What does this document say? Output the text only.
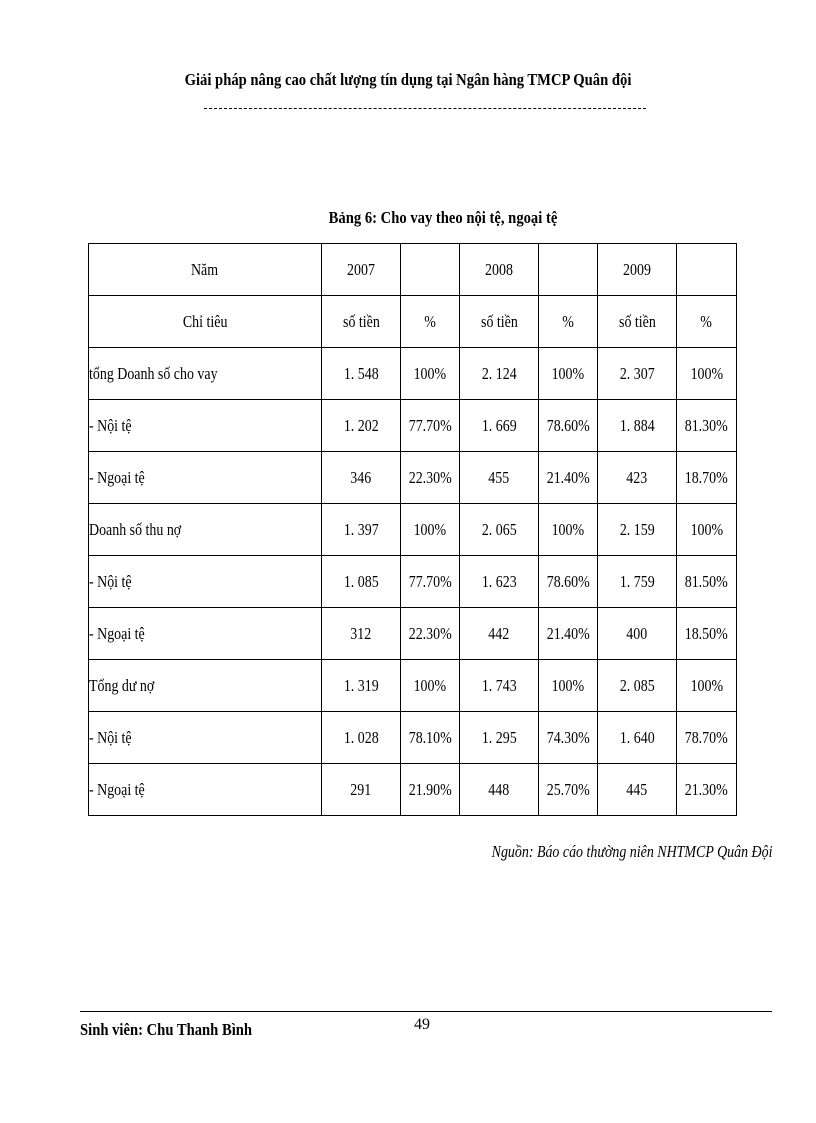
Giải pháp nâng cao chất lượng tín dụng tại Ngân hàng TMCP Quân đội
Bảng 6: Cho vay theo nội tệ, ngoại tệ
Năm	2007		2008		2009	
Chỉ tiêu	số tiền	%	số tiền	%	số tiền	%
tổng Doanh số cho vay	1. 548	100%	2. 124	100%	2. 307	100%
- Nội tệ	1. 202	77.70%	1. 669	78.60%	1. 884	81.30%
- Ngoại tệ	346	22.30%	455	21.40%	423	18.70%
Doanh số thu nợ	1. 397	100%	2. 065	100%	2. 159	100%
- Nội tệ	1. 085	77.70%	1. 623	78.60%	1. 759	81.50%
- Ngoại tệ	312	22.30%	442	21.40%	400	18.50%
Tổng dư nợ	1. 319	100%	1. 743	100%	2. 085	100%
- Nội tệ	1. 028	78.10%	1. 295	74.30%	1. 640	78.70%
- Ngoại tệ	291	21.90%	448	25.70%	445	21.30%
Nguồn: Báo cáo thường niên NHTMCP Quân Đội
Sinh viên: Chu Thanh Bình	49
